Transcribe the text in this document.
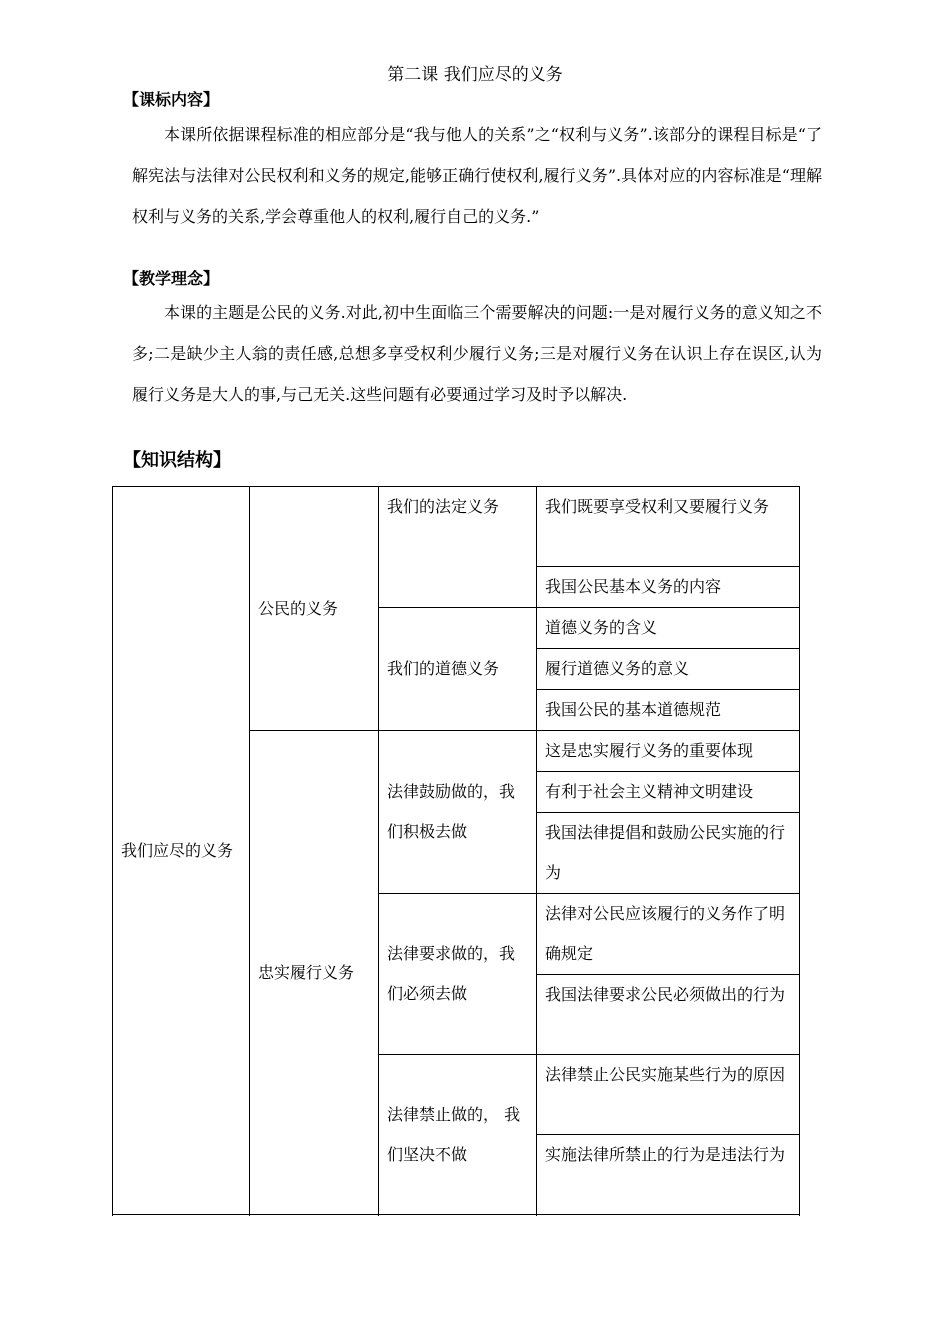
第二课 我们应尽的义务
【课标内容】

本课所依据课程标准的相应部分是“我与他人的关系”之“权利与义务”.该部分的课程目标是“了解宪法与法律对公民权利和义务的规定,能够正确行使权利,履行义务”.具体对应的内容标准是“理解权利与义务的关系,学会尊重他人的权利,履行自己的义务.”

【教学理念】

本课的主题是公民的义务.对此,初中生面临三个需要解决的问题:一是对履行义务的意义知之不多;二是缺少主人翁的责任感,总想多享受权利少履行义务;三是对履行义务在认识上存在误区,认为履行义务是大人的事,与己无关.这些问题有必要通过学习及时予以解决.

【知识结构】
我们应尽的义务	公民的义务	我们的法定义务	我们既要享受权利又要履行义务
			我国公民基本义务的内容
		我们的道德义务	道德义务的含义
			履行道德义务的意义
			我国公民的基本道德规范
	忠实履行义务	法律鼓励做的，我们积极去做	这是忠实履行义务的重要体现
			有利于社会主义精神文明建设
			我国法律提倡和鼓励公民实施的行为
		法律要求做的，我们必须去做	法律对公民应该履行的义务作了明确规定
			我国法律要求公民必须做出的行为
		法律禁止做的， 我们坚决不做	法律禁止公民实施某些行为的原因
			实施法律所禁止的行为是违法行为
